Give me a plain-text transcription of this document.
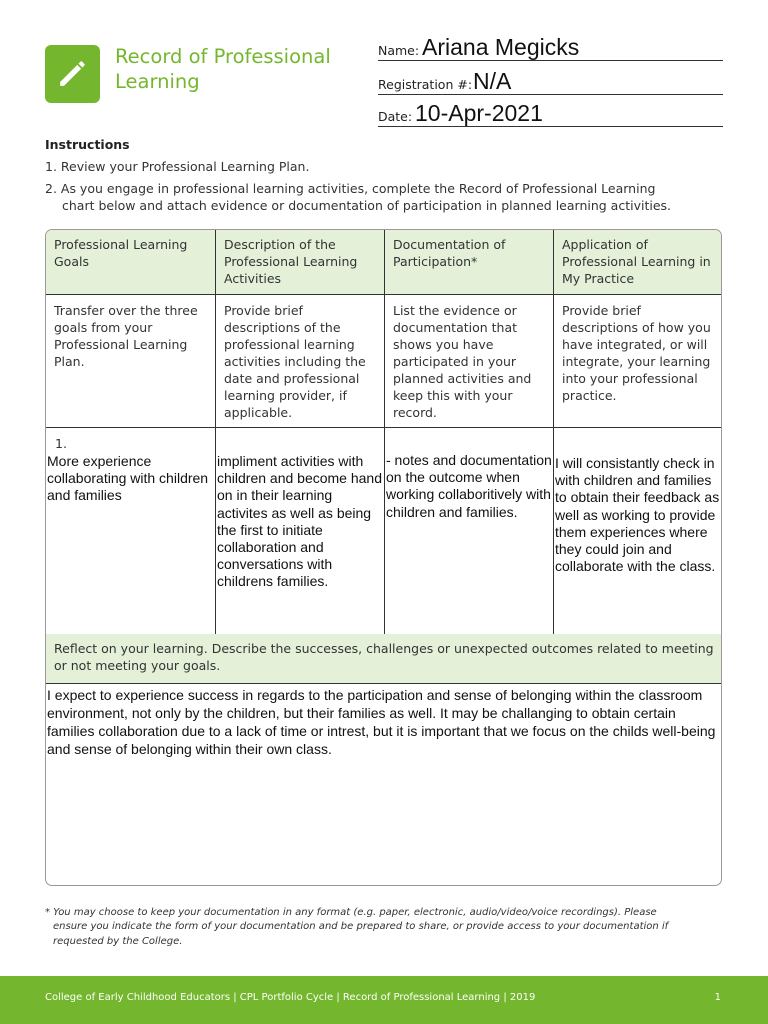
Record of Professional
Learning
Name: Ariana Megicks
Registration #: N/A
Date: 10-Apr-2021
Instructions
1. Review your Professional Learning Plan.
2. As you engage in professional learning activities, complete the Record of Professional Learning
chart below and attach evidence or documentation of participation in planned learning activities.
Professional Learning Goals
Description of the Professional Learning Activities
Documentation of Participation*
Application of Professional Learning in My Practice
Transfer over the three goals from your Professional Learning Plan.
Provide brief descriptions of the professional learning activities including the date and professional learning provider, if applicable.
List the evidence or documentation that shows you have participated in your planned activities and keep this with your record.
Provide brief descriptions of how you have integrated, or will integrate, your learning into your professional practice.
1.
More experience collaborating with children and families
impliment activities with children and become hand on in their learning activites as well as being the first to initiate collaboration and conversations with childrens families.
- notes and documentation on the outcome when working collaboritively with children and families.
I will consistantly check in with children and families to obtain their feedback as well as working to provide them experiences where they could join and collaborate with the class.
Reflect on your learning. Describe the successes, challenges or unexpected outcomes related to meeting or not meeting your goals.
I expect to experience success in regards to the participation and sense of belonging within the classroom environment, not only by the children, but their families as well. It may be challanging to obtain certain families collaboration due to a lack of time or intrest, but it is important that we focus on the childs well-being and sense of belonging within their own class.
* You may choose to keep your documentation in any format (e.g. paper, electronic, audio/video/voice recordings). Please
ensure you indicate the form of your documentation and be prepared to share, or provide access to your documentation if
requested by the College.
College of Early Childhood Educators | CPL Portfolio Cycle | Record of Professional Learning | 2019	1
